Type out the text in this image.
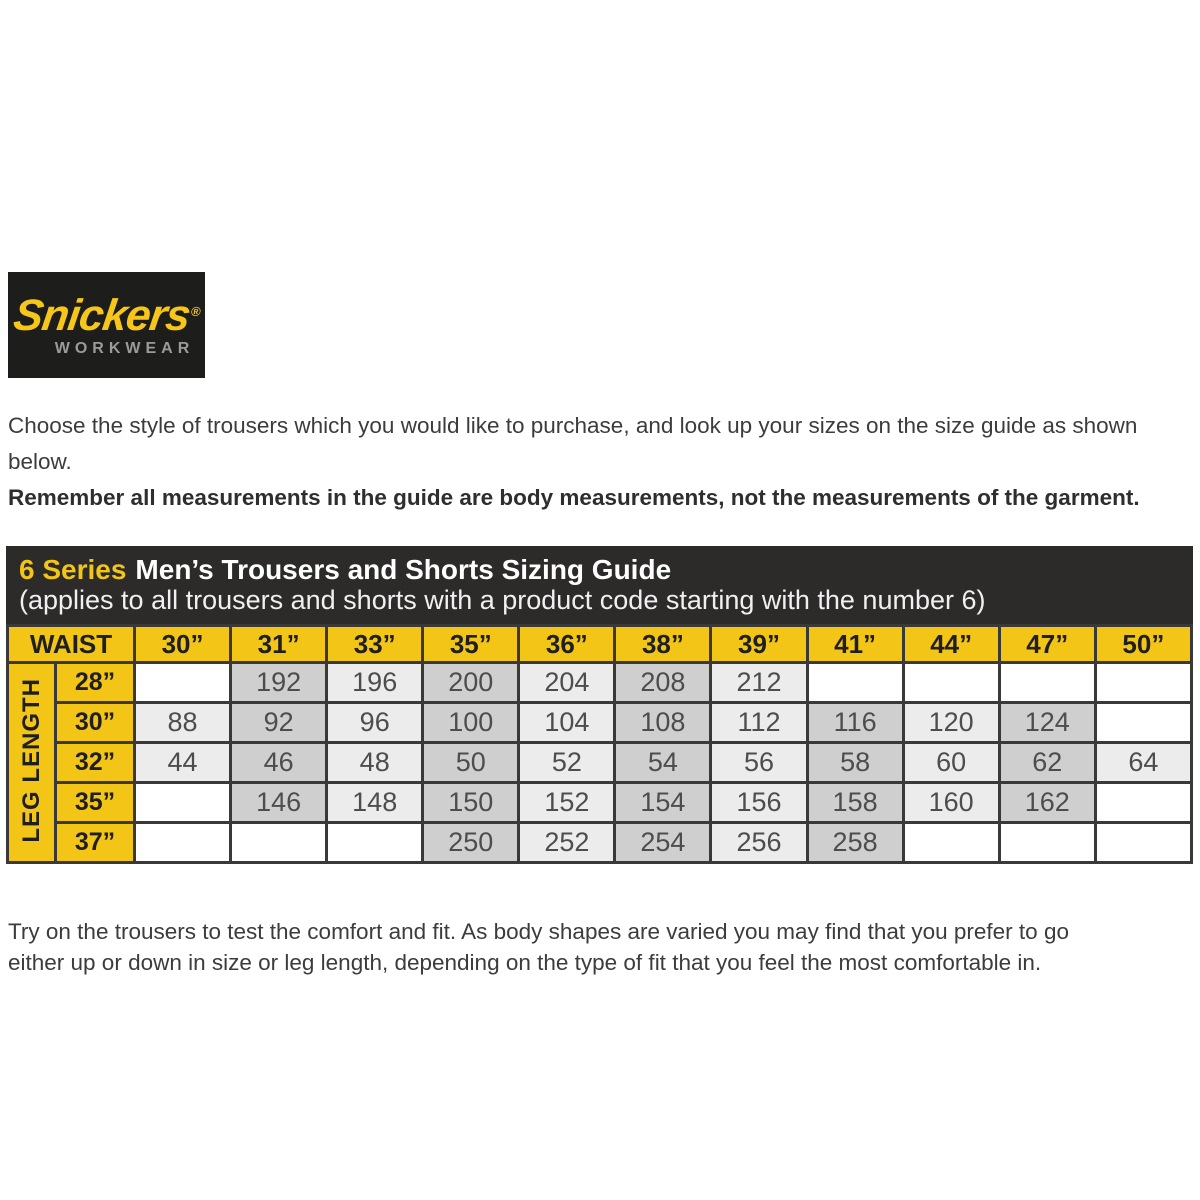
Snickers®
WORKWEAR
Choose the style of trousers which you would like to purchase, and look up your sizes on the size guide as shown below.
Remember all measurements in the guide are body measurements, not the measurements of the garment.
6 Series Men’s Trousers and Shorts Sizing Guide
(applies to all trousers and shorts with a product code starting with the number 6)
WAIST		30”	31”	33”	35”	36”	38”	39”	41”	44”	47”	50”
LEG LENGTH	28”		192	196	200	204	208	212				
	30”	88	92	96	100	104	108	112	116	120	124	
	32”	44	46	48	50	52	54	56	58	60	62	64
	35”		146	148	150	152	154	156	158	160	162	
	37”				250	252	254	256	258			
Try on the trousers to test the comfort and fit. As body shapes are varied you may find that you prefer to go
either up or down in size or leg length, depending on the type of fit that you feel the most comfortable in.
